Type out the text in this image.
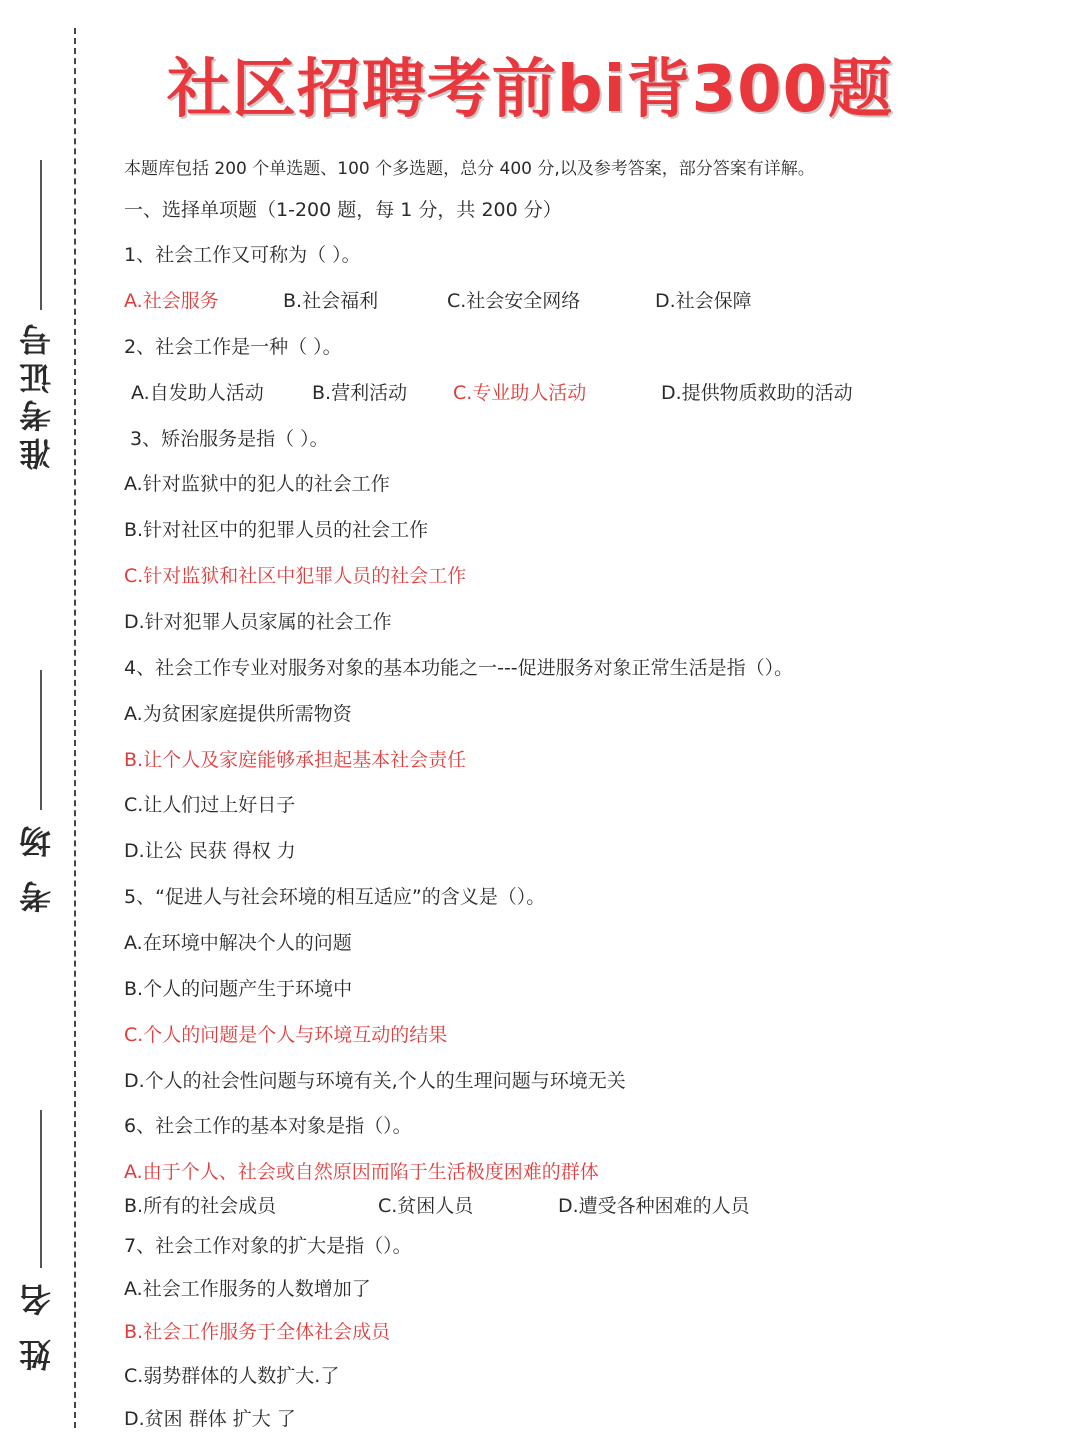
准考证号
考 场
姓 名
社区招聘考前bi背300题
本题库包括 200 个单选题、100 个多选题，总分 400 分,以及参考答案，部分答案有详解。
一、选择单项题（1-200 题，每 1 分，共 200 分）
1、社会工作又可称为（ ）。
A.社会服务	B.社会福利	C.社会安全网络	D.社会保障
2、社会工作是一种（ ）。
A.自发助人活动	B.营利活动 C.专业助人活动	D.提供物质救助的活动
3、矫治服务是指（ ）。
A.针对监狱中的犯人的社会工作
B.针对社区中的犯罪人员的社会工作
C.针对监狱和社区中犯罪人员的社会工作
D.针对犯罪人员家属的社会工作
4、社会工作专业对服务对象的基本功能之一---促进服务对象正常生活是指（）。
A.为贫困家庭提供所需物资
B.让个人及家庭能够承担起基本社会责任
C.让人们过上好日子
D.让公 民获 得权 力
5、“促进人与社会环境的相互适应”的含义是（）。
A.在环境中解决个人的问题
B.个人的问题产生于环境中
C.个人的问题是个人与环境互动的结果
D.个人的社会性问题与环境有关,个人的生理问题与环境无关
6、社会工作的基本对象是指（）。
A.由于个人、社会或自然原因而陷于生活极度困难的群体
B.所有的社会成员	C.贫困人员	D.遭受各种困难的人员
7、社会工作对象的扩大是指（）。
A.社会工作服务的人数增加了
B.社会工作服务于全体社会成员
C.弱势群体的人数扩大.了
D.贫困 群体 扩大 了
